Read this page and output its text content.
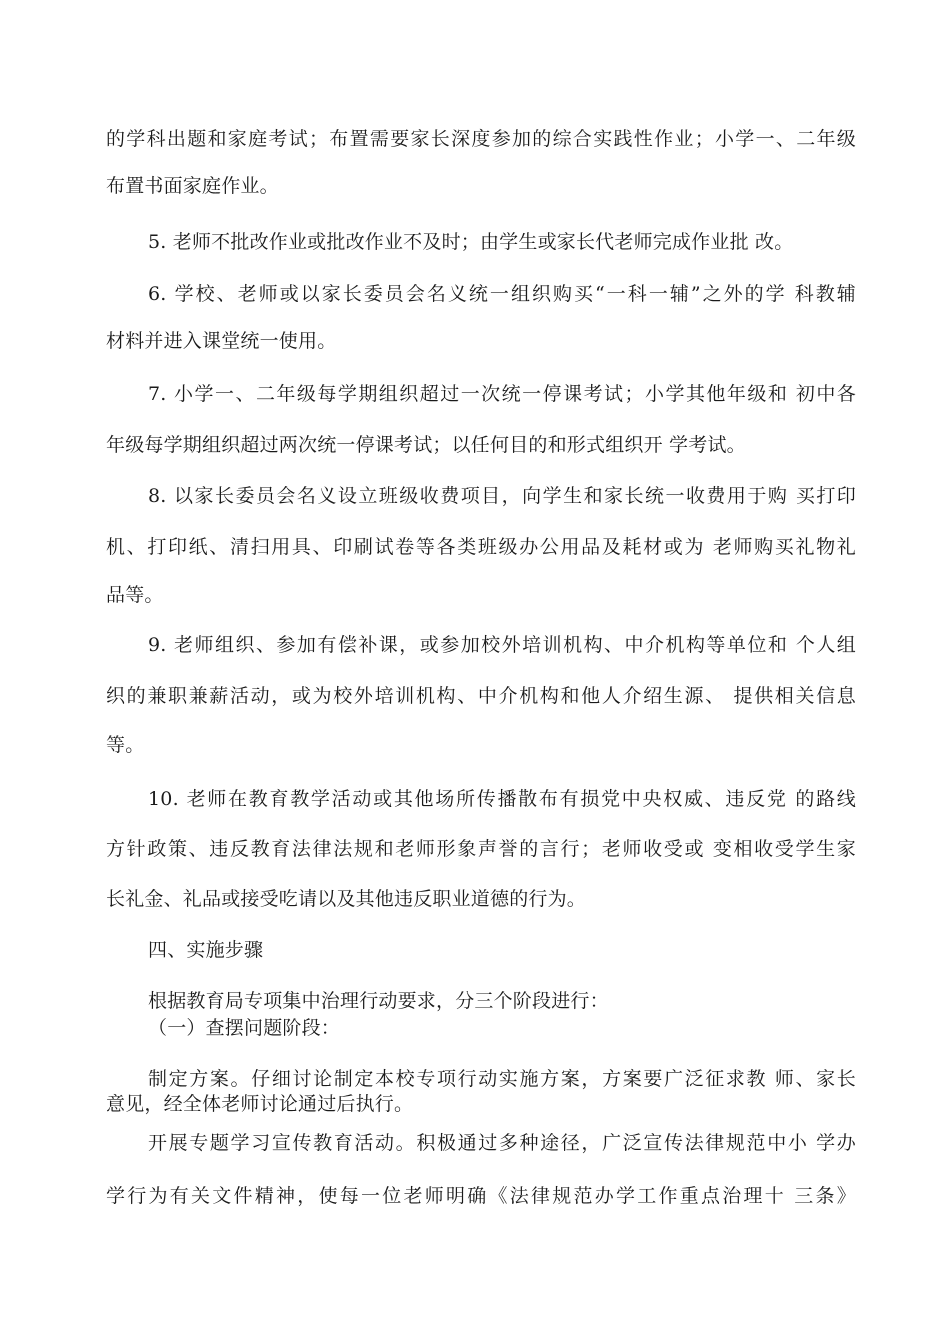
的学科出题和家庭考试；布置需要家长深度参加的综合实践性作业；小学一、二年级
布置书面家庭作业。
5. 老师不批改作业或批改作业不及时；由学生或家长代老师完成作业批 改。
6. 学校、老师或以家长委员会名义统一组织购买“一科一辅”之外的学 科教辅
材料并进入课堂统一使用。
7. 小学一、二年级每学期组织超过一次统一停课考试；小学其他年级和 初中各
年级每学期组织超过两次统一停课考试；以任何目的和形式组织开 学考试。
8. 以家长委员会名义设立班级收费项目，向学生和家长统一收费用于购 买打印
机、打印纸、清扫用具、印刷试卷等各类班级办公用品及耗材或为 老师购买礼物礼
品等。
9. 老师组织、参加有偿补课，或参加校外培训机构、中介机构等单位和 个人组
织的兼职兼薪活动，或为校外培训机构、中介机构和他人介绍生源、 提供相关信息
等。
10. 老师在教育教学活动或其他场所传播散布有损党中央权威、违反党 的路线
方针政策、违反教育法律法规和老师形象声誉的言行；老师收受或 变相收受学生家
长礼金、礼品或接受吃请以及其他违反职业道德的行为。
四、实施步骤
根据教育局专项集中治理行动要求，分三个阶段进行：
（一）查摆问题阶段：
制定方案。仔细讨论制定本校专项行动实施方案，方案要广泛征求教 师、家长
意见，经全体老师讨论通过后执行。
开展专题学习宣传教育活动。积极通过多种途径，广泛宣传法律规范中小 学办
学行为有关文件精神，使每一位老师明确《法律规范办学工作重点治理十 三条》
